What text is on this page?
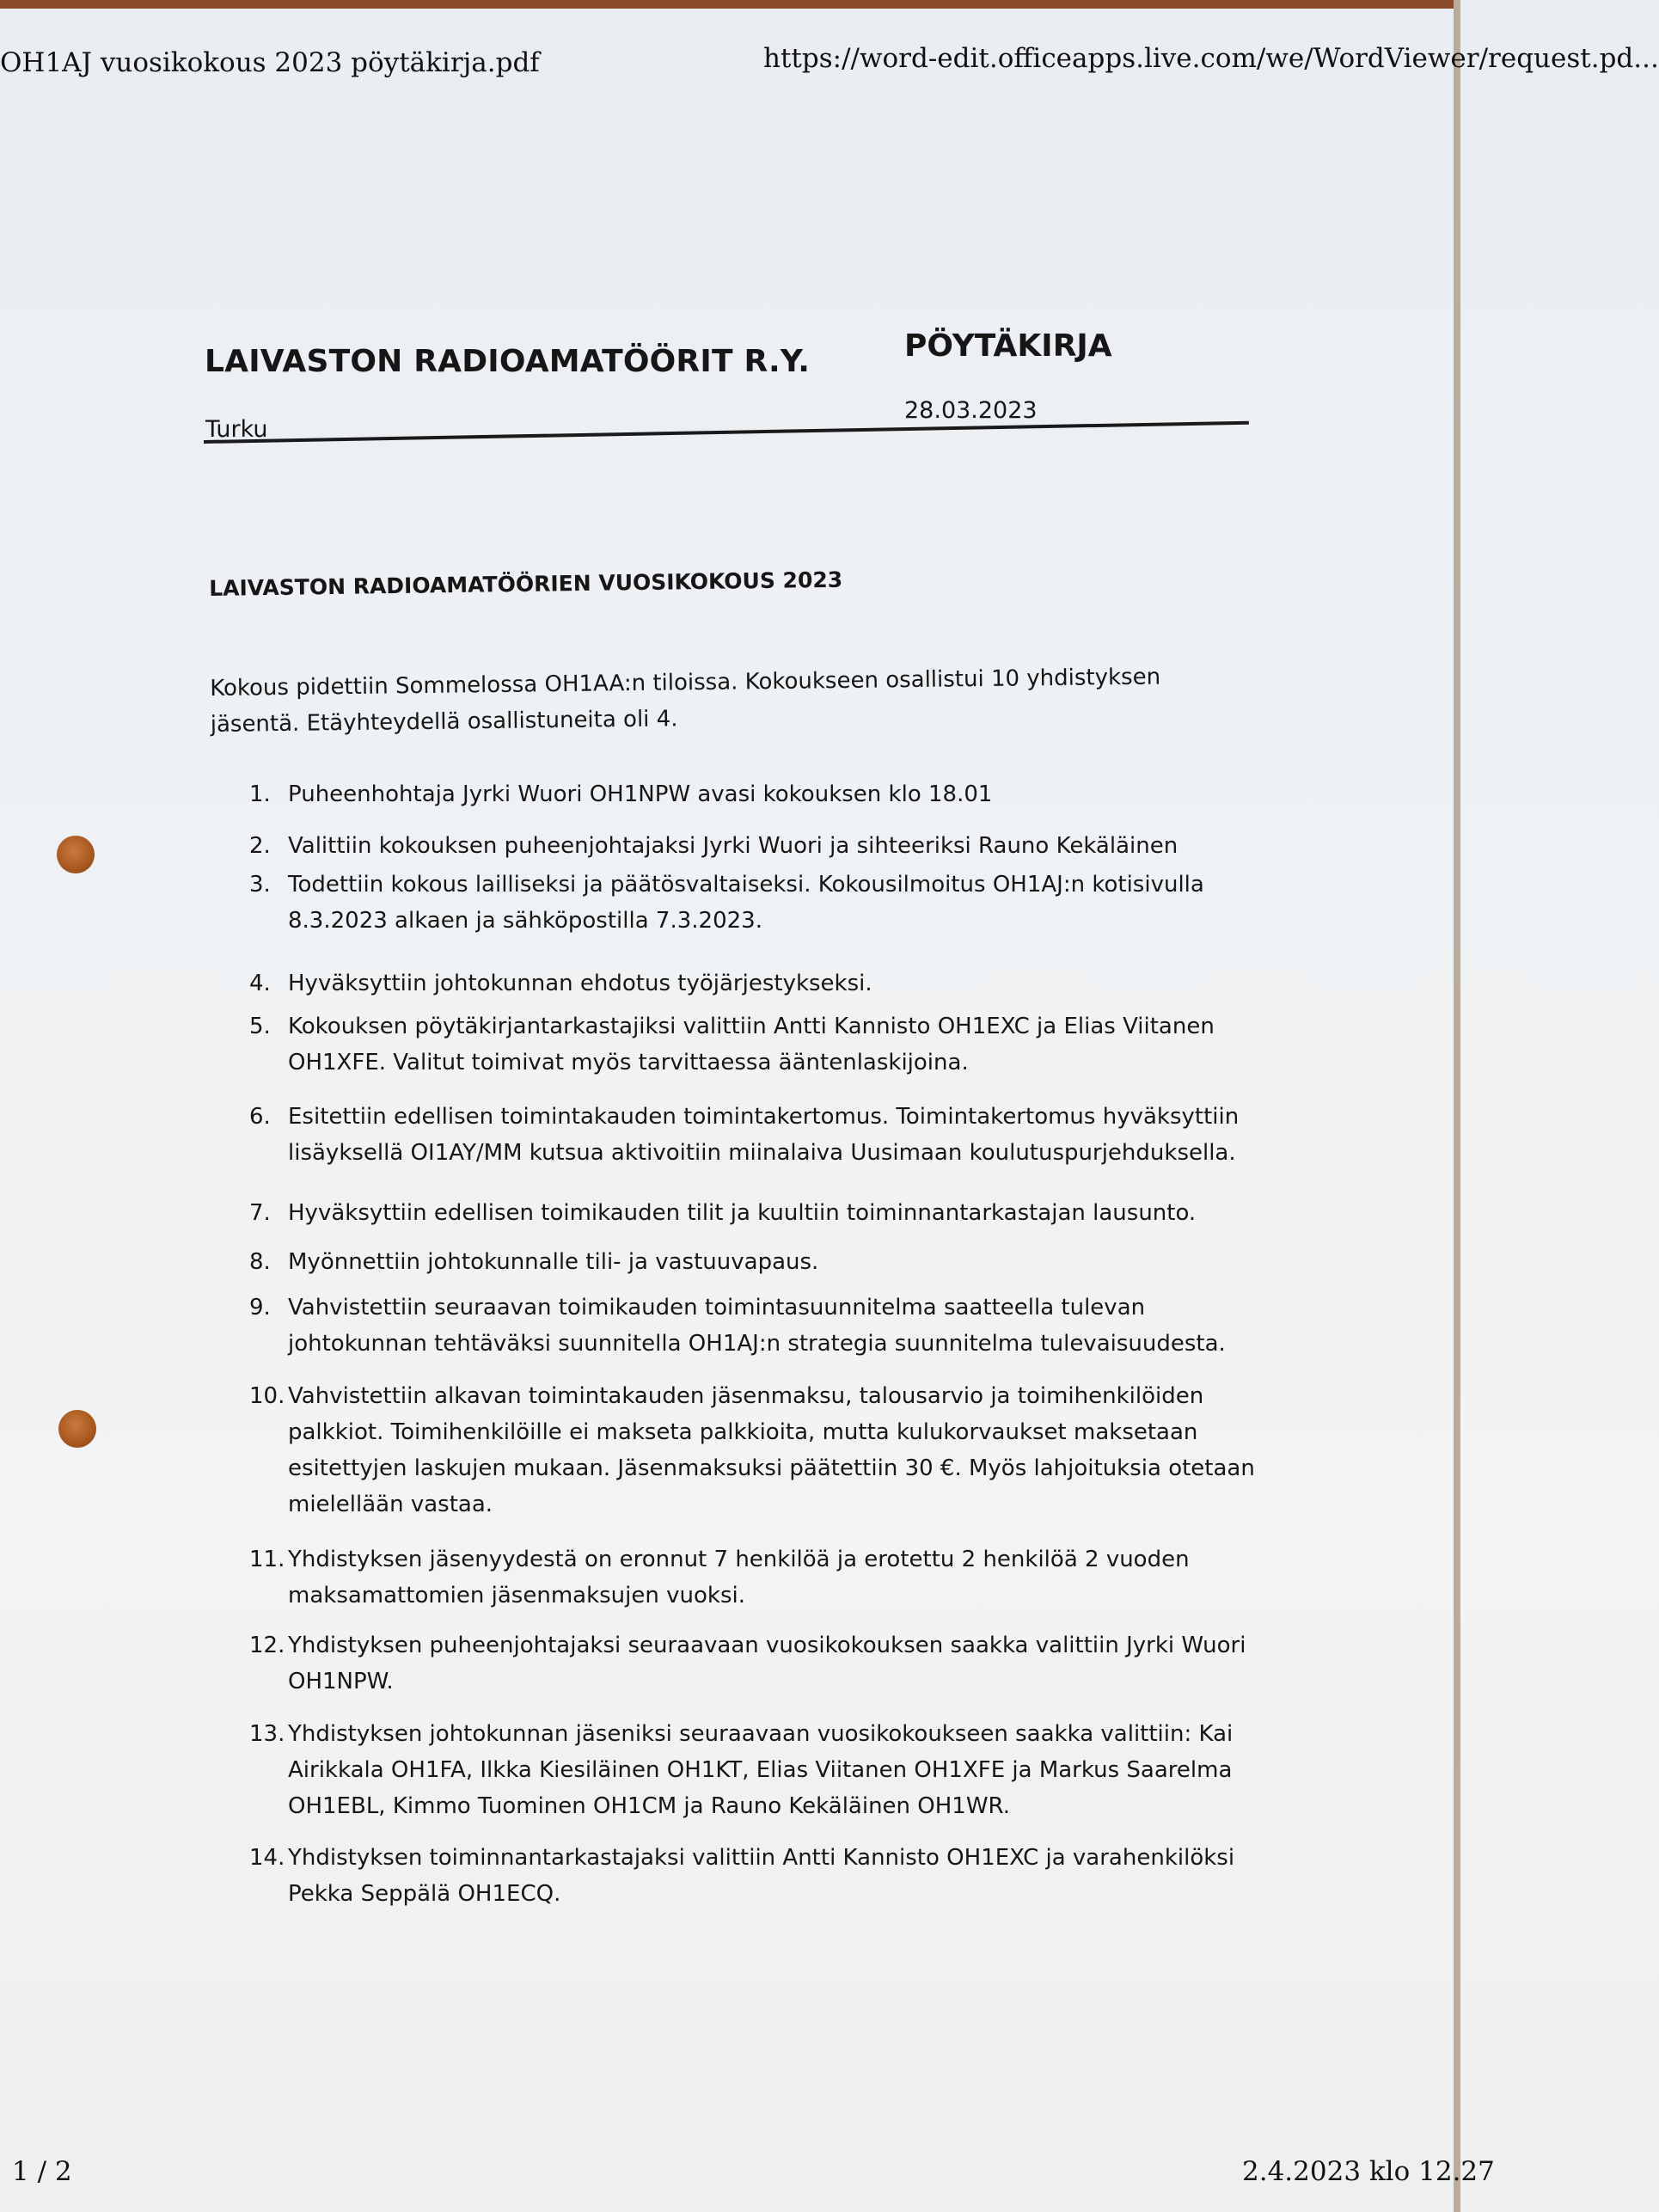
OH1AJ vuosikokous 2023 pöytäkirja.pdf	https://word-edit.officeapps.live.com/we/WordViewer/request.pd...
LAIVASTON RADIOAMATÖÖRIT R.Y.	PÖYTÄKIRJA
Turku
28.03.2023
LAIVASTON RADIOAMATÖÖRIEN VUOSIKOKOUS 2023
Kokous pidettiin Sommelossa OH1AA:n tiloissa. Kokoukseen osallistui 10 yhdistyksen jäsentä. Etäyhteydellä osallistuneita oli 4.
1. Puheenhohtaja Jyrki Wuori OH1NPW avasi kokouksen klo 18.01
2. Valittiin kokouksen puheenjohtajaksi Jyrki Wuori ja sihteeriksi Rauno Kekäläinen
3. Todettiin kokous lailliseksi ja päätösvaltaiseksi. Kokousilmoitus OH1AJ:n kotisivulla 8.3.2023 alkaen ja sähköpostilla 7.3.2023.
4. Hyväksyttiin johtokunnan ehdotus työjärjestykseksi.
5. Kokouksen pöytäkirjantarkastajiksi valittiin Antti Kannisto OH1EXC ja Elias Viitanen OH1XFE. Valitut toimivat myös tarvittaessa ääntenlaskijoina.
6. Esitettiin edellisen toimintakauden toimintakertomus. Toimintakertomus hyväksyttiin lisäyksellä OI1AY/MM kutsua aktivoitiin miinalaiva Uusimaan koulutuspurjehduksella.
7. Hyväksyttiin edellisen toimikauden tilit ja kuultiin toiminnantarkastajan lausunto.
8. Myönnettiin johtokunnalle tili- ja vastuuvapaus.
9. Vahvistettiin seuraavan toimikauden toimintasuunnitelma saatteella tulevan johtokunnan tehtäväksi suunnitella OH1AJ:n strategia suunnitelma tulevaisuudesta.
10. Vahvistettiin alkavan toimintakauden jäsenmaksu, talousarvio ja toimihenkilöiden palkkiot. Toimihenkilöille ei makseta palkkioita, mutta kulukorvaukset maksetaan esitettyjen laskujen mukaan. Jäsenmaksuksi päätettiin 30 €. Myös lahjoituksia otetaan mielellään vastaa.
11. Yhdistyksen jäsenyydestä on eronnut 7 henkilöä ja erotettu 2 henkilöä 2 vuoden maksamattomien jäsenmaksujen vuoksi.
12. Yhdistyksen puheenjohtajaksi seuraavaan vuosikokouksen saakka valittiin Jyrki Wuori OH1NPW.
13. Yhdistyksen johtokunnan jäseniksi seuraavaan vuosikokoukseen saakka valittiin: Kai Airikkala OH1FA, Ilkka Kiesiläinen OH1KT, Elias Viitanen OH1XFE ja Markus Saarelma OH1EBL, Kimmo Tuominen OH1CM ja Rauno Kekäläinen OH1WR.
14. Yhdistyksen toiminnantarkastajaksi valittiin Antti Kannisto OH1EXC ja varahenkilöksi Pekka Seppälä OH1ECQ.
1 / 2	2.4.2023 klo 12.27
